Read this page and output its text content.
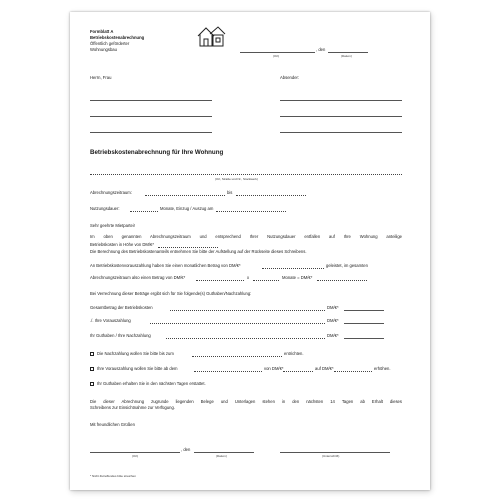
Formblatt A
Betriebskostenabrechnung
Öffentlich geförderter
Wohnungsbau	, den
(Ort)	(Datum)
Herrn, Frau	Absender:
Betriebskostenabrechnung für Ihre Wohnung
(Ort, Straße und Nr., Stockwerk)
Abrechnungszeitraum:	bis
Nutzungsdauer:	Monate, Einzug / Auszug am
Sehr geehrte Mietpartei!
Im oben genannten Abrechnungszeitraum und entsprechend Ihrer Nutzungsdauer entfallen auf Ihre Wohnung anteilige
Betriebskosten in Höhe von DM/€*
Die Berechnung des Betriebskostenanteils entnehmen Sie bitte der Aufstellung auf der Rückseite dieses Schreibens.
An Betriebskostenvorauszahlung haben Sie einen monatlichen Betrag von DM/€*	geleistet, im gesamten
Abrechnungszeitraum also einen Betrag von DM/€*	x	Monate = DM/€*
Bei Verrechnung dieser Beträge ergibt sich für Sie folgende(s) Guthaben/Nachzahlung:
Gesamtbetrag der Betriebskosten	DM/€*
./. Ihre Vorauszahlung	DM/€*
Ihr Guthaben / Ihre Nachzahlung	DM/€*
Die Nachzahlung wollen Sie bitte bis zum	entrichten.
Ihre Vorauszahlung wollen Sie bitte ab dem	von DM/€*	auf DM/€*	erhöhen.
Ihr Guthaben erhalten Sie in den nächsten Tagen erstattet.
Die dieser Abrechnung zugrunde liegenden Belege und Unterlagen stehen in den nächsten 14 Tagen ab Erhalt dieses
Schreibens zur Einsichtnahme zur Verfügung.
Mit freundlichen Grüßen
, den
(Ort)	(Datum)	(Unterschrift)
* Nicht Zutreffendes bitte streichen
